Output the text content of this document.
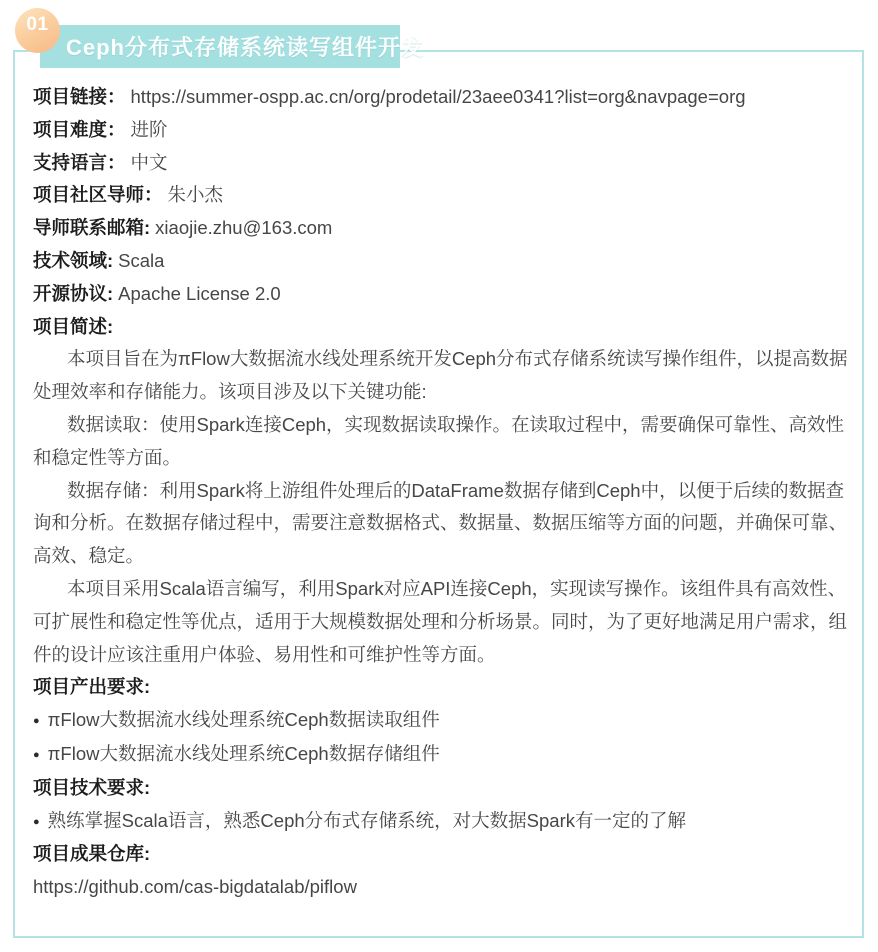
Ceph分布式存储系统读写组件开发
01

项目链接： https://summer-ospp.ac.cn/org/prodetail/23aee0341?list=org&navpage=org

项目难度： 进阶

支持语言： 中文

项目社区导师： 朱小杰

导师联系邮箱: xiaojie.zhu@163.com

技术领域: Scala

开源协议: Apache License 2.0

项目简述:

本项目旨在为πFlow大数据流水线处理系统开发Ceph分布式存储系统读写操作组件，以提高数据处理效率和存储能力。该项目涉及以下关键功能:

数据读取：使用Spark连接Ceph，实现数据读取操作。在读取过程中，需要确保可靠性、高效性和稳定性等方面。

数据存储：利用Spark将上游组件处理后的DataFrame数据存储到Ceph中，以便于后续的数据查询和分析。在数据存储过程中，需要注意数据格式、数据量、数据压缩等方面的问题，并确保可靠、高效、稳定。

本项目采用Scala语言编写，利用Spark对应API连接Ceph，实现读写操作。该组件具有高效性、可扩展性和稳定性等优点，适用于大规模数据处理和分析场景。同时，为了更好地满足用户需求，组件的设计应该注重用户体验、易用性和可维护性等方面。

项目产出要求:

● πFlow大数据流水线处理系统Ceph数据读取组件

● πFlow大数据流水线处理系统Ceph数据存储组件

项目技术要求:

● 熟练掌握Scala语言，熟悉Ceph分布式存储系统，对大数据Spark有一定的了解

项目成果仓库:

https://github.com/cas-bigdatalab/piflow
